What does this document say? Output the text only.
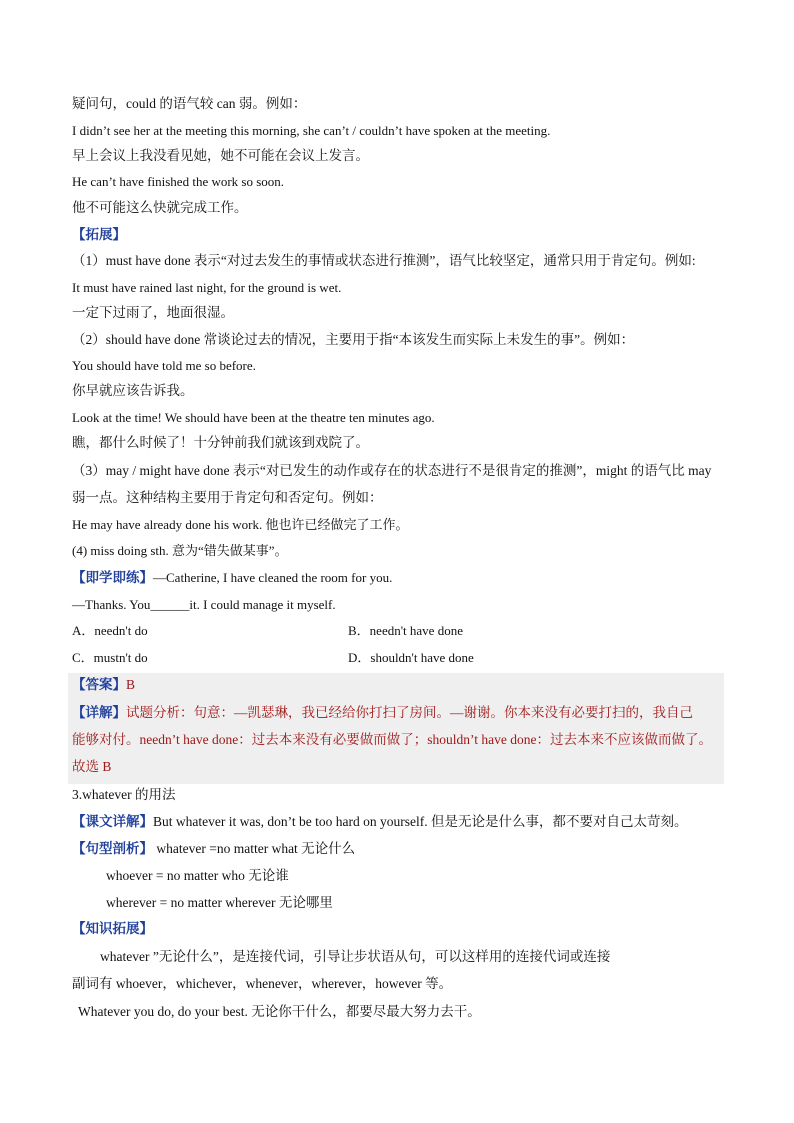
疑问句，could 的语气较 can 弱。例如：
I didn’t see her at the meeting this morning, she can’t / couldn’t have spoken at the meeting.
早上会议上我没看见她，她不可能在会议上发言。
He can’t have finished the work so soon.
他不可能这么快就完成工作。
【拓展】
（1）must have done 表示“对过去发生的事情或状态进行推测”，语气比较坚定，通常只用于肯定句。例如:
It must have rained last night, for the ground is wet.
一定下过雨了，地面很湿。
（2）should have done 常谈论过去的情况，主要用于指“本该发生而实际上未发生的事”。例如：
You should have told me so before.
你早就应该告诉我。
Look at the time! We should have been at the theatre ten minutes ago.
瞧，都什么时候了！十分钟前我们就该到戏院了。
（3）may / might have done 表示“对已发生的动作或存在的状态进行不是很肯定的推测”，might 的语气比 may
弱一点。这种结构主要用于肯定句和否定句。例如：
He may have already done his work. 他也许已经做完了工作。
(4) miss doing sth. 意为“错失做某事”。
【即学即练】—Catherine, I have cleaned the room for you.
—Thanks. You______it. I could manage it myself.
A．needn't do	B．needn't have done
C．mustn't do	D．shouldn't have done
【答案】B
【详解】试题分析：句意：—凯瑟琳，我已经给你打扫了房间。—谢谢。你本来没有必要打扫的，我自己
能够对付。needn’t have done：过去本来没有必要做而做了；shouldn’t have done：过去本来不应该做而做了。
故选 B
3.whatever 的用法
【课文详解】But whatever it was, don’t be too hard on yourself. 但是无论是什么事，都不要对自己太苛刻。
【句型剖析】 whatever =no matter what 无论什么
whoever = no matter who 无论谁
wherever = no matter wherever 无论哪里
【知识拓展】
whatever ”无论什么”，是连接代词，引导让步状语从句，可以这样用的连接代词或连接
副词有 whoever，whichever，whenever，wherever，however 等。
Whatever you do, do your best. 无论你干什么，都要尽最大努力去干。
